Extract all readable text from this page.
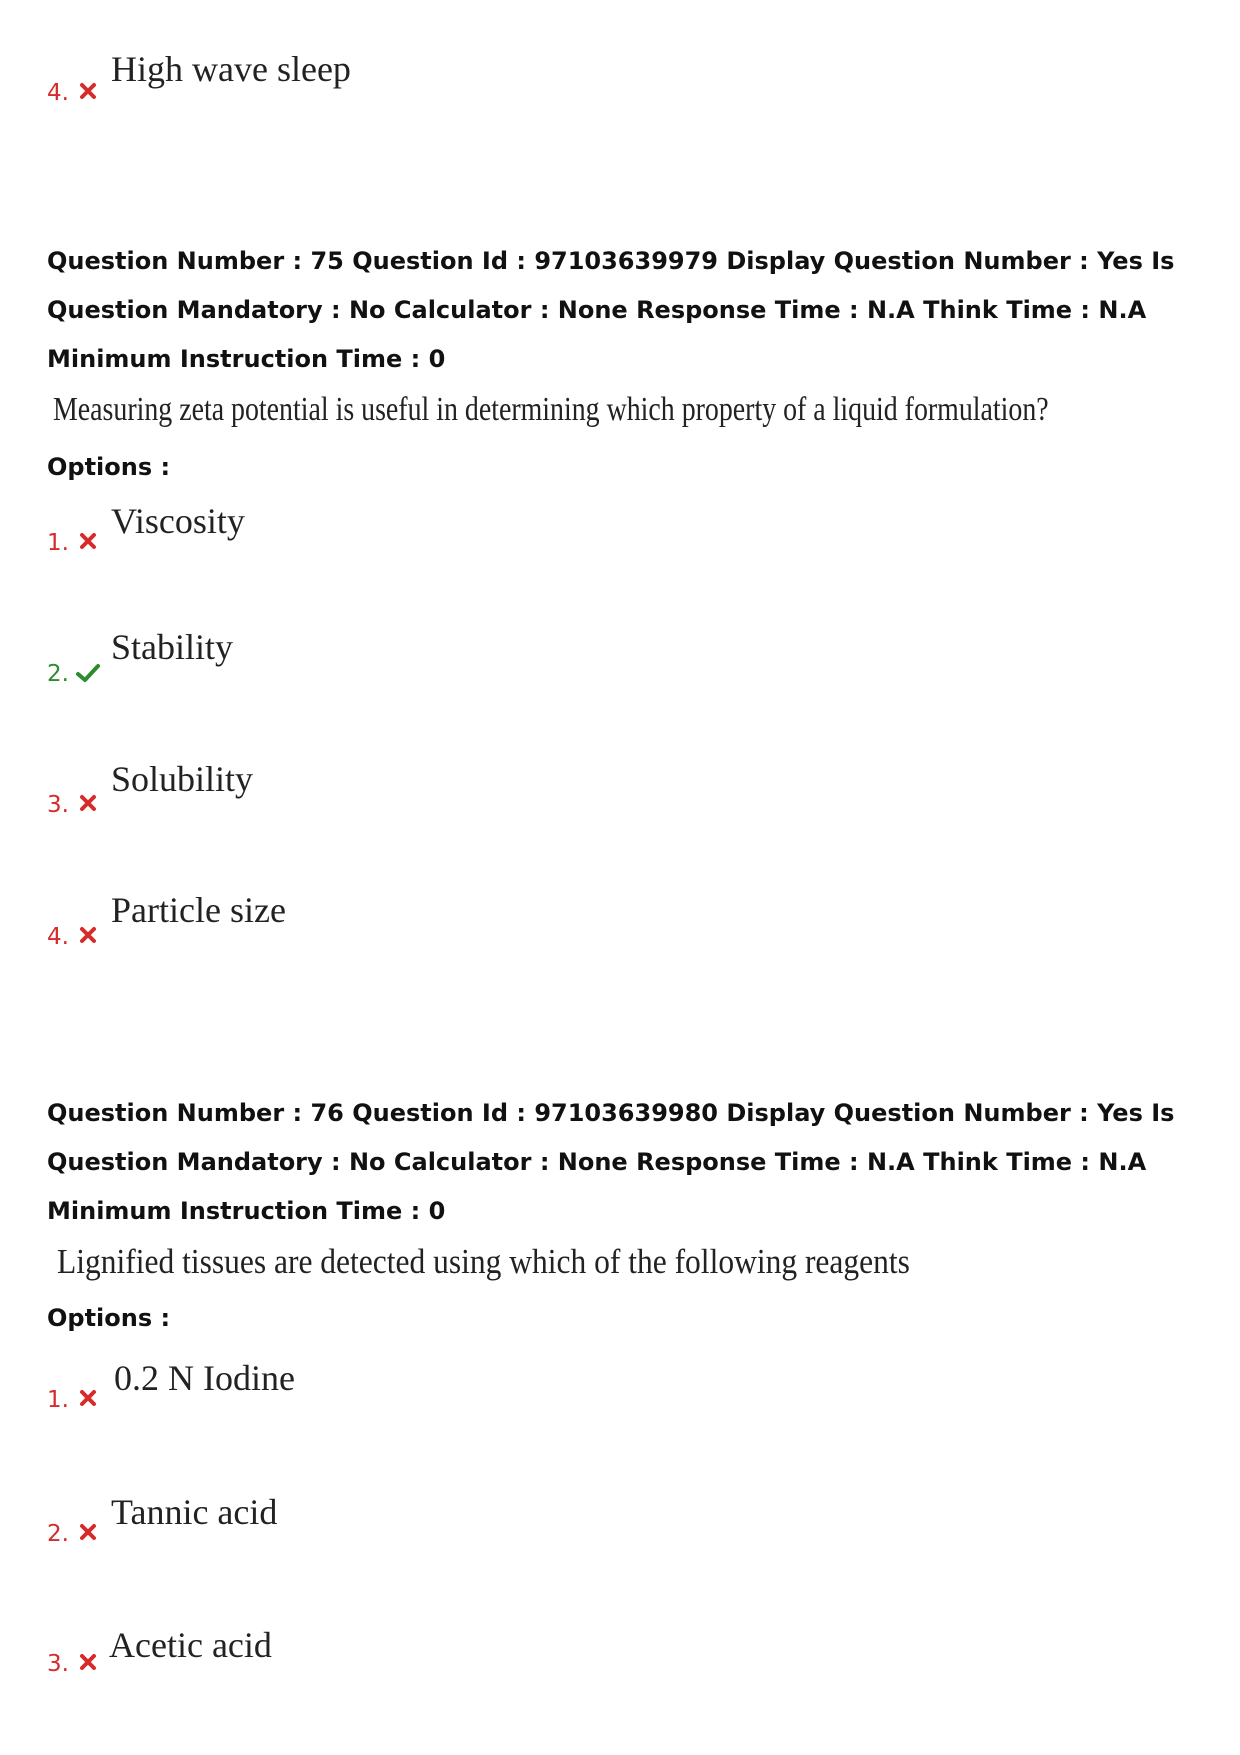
4.
High wave sleep
Question Number : 75 Question Id : 97103639979 Display Question Number : Yes Is Question Mandatory : No Calculator : None Response Time : N.A Think Time : N.A Minimum Instruction Time : 0
Measuring zeta potential is useful in determining which property of a liquid formulation?
Options :
1.
Viscosity
2.
Stability
3.
Solubility
4.
Particle size
Question Number : 76 Question Id : 97103639980 Display Question Number : Yes Is Question Mandatory : No Calculator : None Response Time : N.A Think Time : N.A Minimum Instruction Time : 0
Lignified tissues are detected using which of the following reagents
Options :
1.
0.2 N Iodine
2.
Tannic acid
3. Acetic acid
